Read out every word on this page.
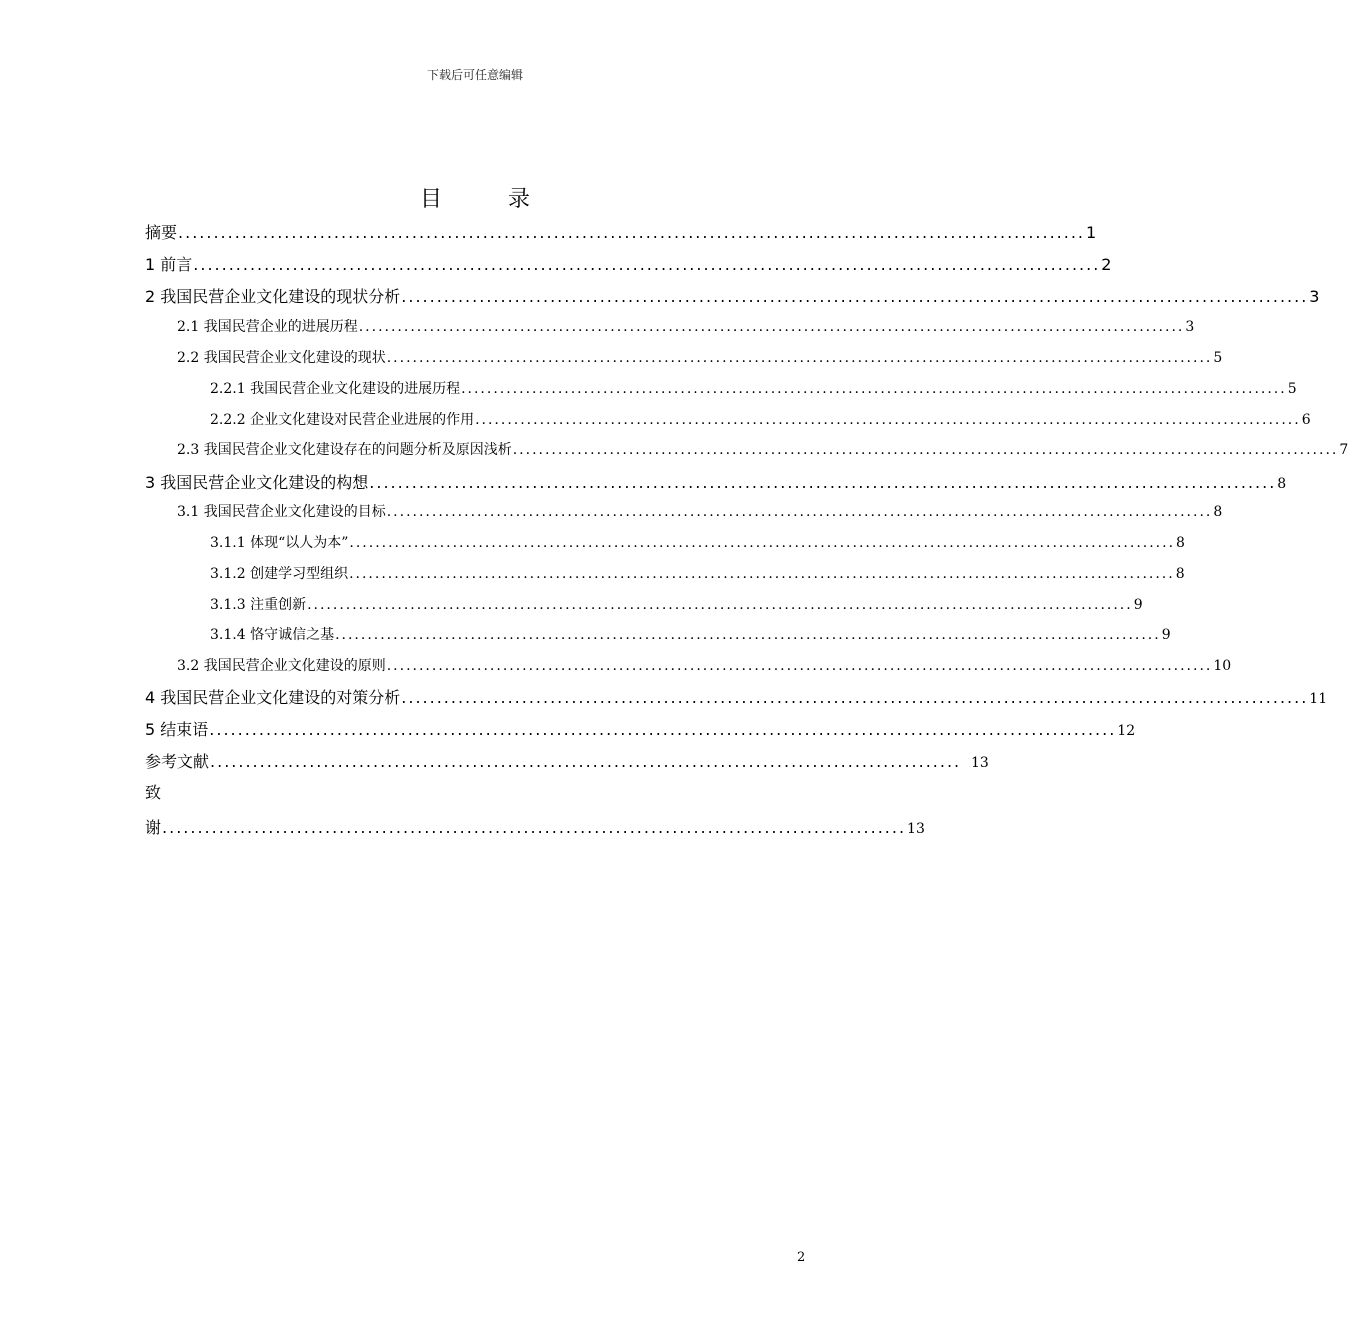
下载后可任意编辑
目	录
摘要 ................................................................................................................................ 1
1 前言 ................................................................................................................................ 2
2 我国民营企业文化建设的现状分析 ................................................................................................................................ 3
2.1 我国民营企业的进展历程 ................................................................................................................................ 3
2.2 我国民营企业文化建设的现状 ................................................................................................................................ 5
2.2.1 我国民营企业文化建设的进展历程 ................................................................................................................................ 5
2.2.2 企业文化建设对民营企业进展的作用 ................................................................................................................................ 6
2.3 我国民营企业文化建设存在的问题分析及原因浅析 ................................................................................................................................ 7
3 我国民营企业文化建设的构想 ................................................................................................................................ 8
3.1 我国民营企业文化建设的目标 ................................................................................................................................ 8
3.1.1 体现“以人为本” ................................................................................................................................ 8
3.1.2 创建学习型组织 ................................................................................................................................ 8
3.1.3 注重创新 ................................................................................................................................ 9
3.1.4 恪守诚信之基 ................................................................................................................................ 9
3.2 我国民营企业文化建设的原则 ................................................................................................................................ 10
4 我国民营企业文化建设的对策分析 ................................................................................................................................ 11
5 结束语 ................................................................................................................................ 12
参考文献 .......................................................................................................... 13
致
谢 ......................................................................................................... 13
2
